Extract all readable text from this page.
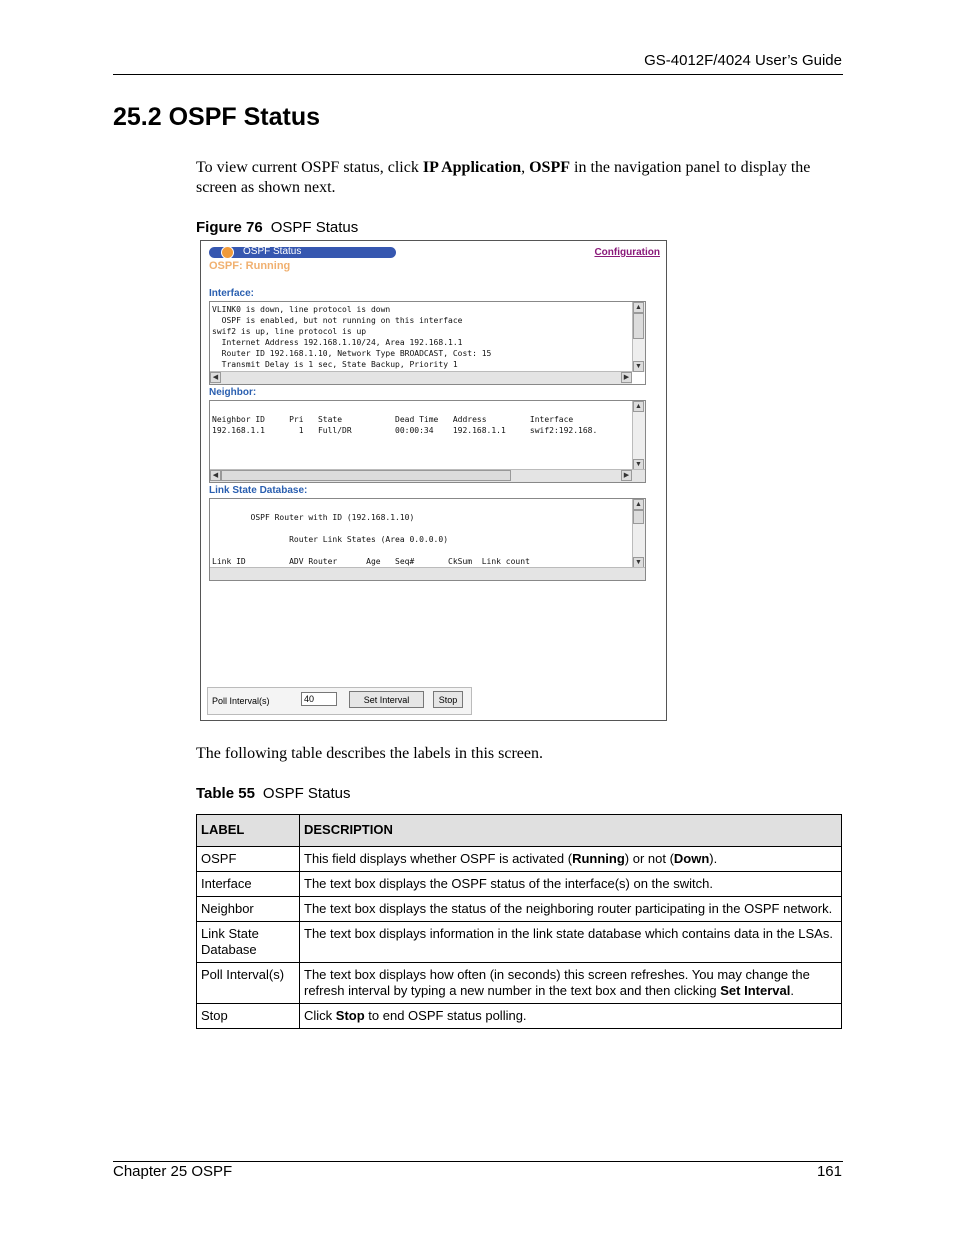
GS-4012F/4024 User’s Guide
25.2 OSPF Status
To view current OSPF status, click IP Application, OSPF in the navigation panel to display the screen as shown next.
Figure 76 OSPF Status
OSPF Status	Configuration
OSPF: Running
Interface:
VLINK0 is down, line protocol is down
OSPF is enabled, but not running on this interface
swif2 is up, line protocol is up
Internet Address 192.168.1.10/24, Area 192.168.1.1
Router ID 192.168.1.10, Network Type BROADCAST, Cost: 15
Transmit Delay is 1 sec, State Backup, Priority 1
▲
▼
◀	▶
Neighbor:

Neighbor ID     Pri   State           Dead Time   Address         Interface
192.168.1.1       1   Full/DR         00:00:34    192.168.1.1     swif2:192.168.
▲
▼
◀	▶
Link State Database:

OSPF Router with ID (192.168.1.10)

Router Link States (Area 0.0.0.0)

Link ID         ADV Router      Age   Seq#       CkSum  Link count
▲
▼
Poll Interval(s)
40	Set Interval	Stop
The following table describes the labels in this screen.
Table 55 OSPF Status
LABEL	DESCRIPTION
OSPF	This field displays whether OSPF is activated (Running) or not (Down).
Interface	The text box displays the OSPF status of the interface(s) on the switch.
Neighbor	The text box displays the status of the neighboring router participating in the OSPF network.
Link State Database	The text box displays information in the link state database which contains data in the LSAs.
Poll Interval(s)	The text box displays how often (in seconds) this screen refreshes. You may change the refresh interval by typing a new number in the text box and then clicking Set Interval.
Stop	Click Stop to end OSPF status polling.
Chapter 25 OSPF	161
